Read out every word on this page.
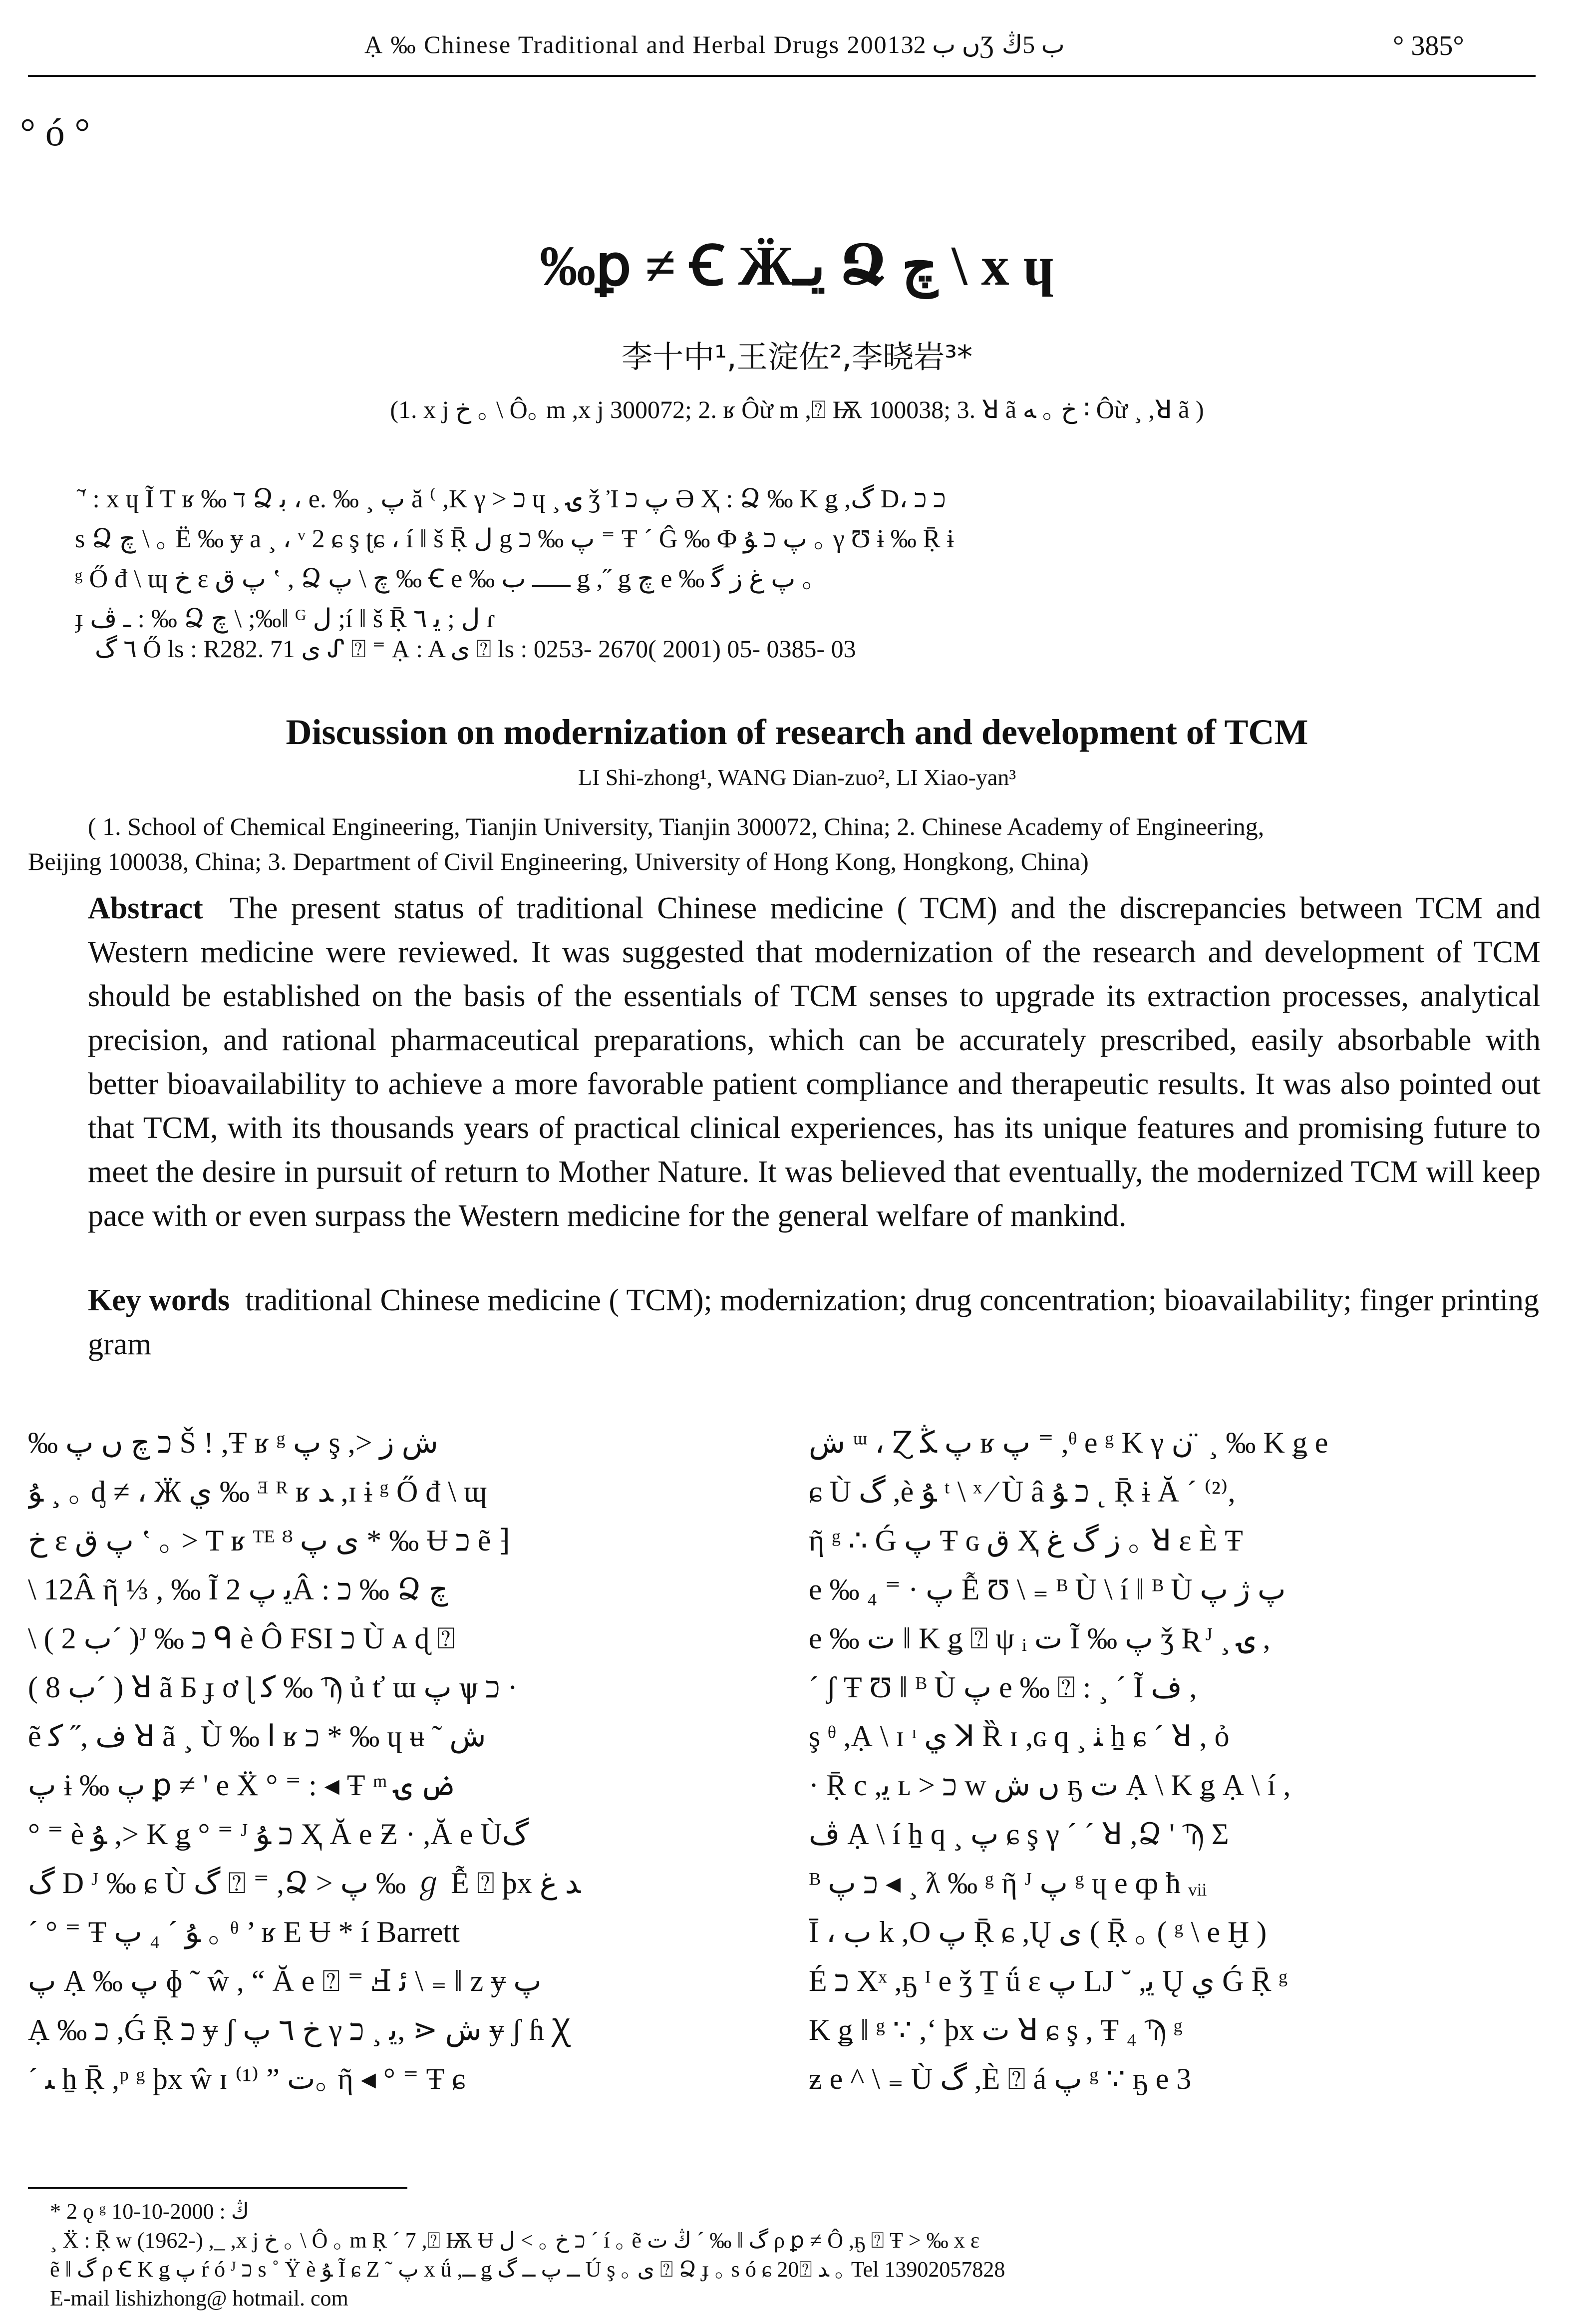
Ạ ‰ Chinese Traditional and Herbal Drugs 2001ں ب 32Ʒ ب 5ﯓ	° 385°
° ó °
‰ꝑ ≠ Ꞓ Ӝيـ Ձ چ \ x ɥ
李十中¹,王淀佐²,李晓岩³*
(1. x j خ ｡ \ Ô｡ m ,x j 300072; 2. ʁ Ôừ m ,⍰ Ѭ 100038; 3. ꓤ ã خ ｡ ﻪ ∶ Ôừ ¸ ,ꓤ ã )
ٓ ' : x ɥ Ĩ T ʁ ‰ ד Ձ ﺑ ، e. ‰ ¸ پ ă ⁽ ,K γ > ﬤ ɥ ¸ ۍ ǯ Ἰ پ ﬤ Ə Ҳ : Ձ ‰ K ǥ ,گ D، ﬤ ﬤ
s Ձ چ \ ｡ Ë ‰ ɏ a ¸ ، ᵛ 2 ɕ ş ʈɕ ، í ǁ š Ṝ ل g پ ‰ ﬤ ⁼ Ŧ ´ Ĝ ‰ Ф پ ﬤ ﯘ ｡ γ Ʊ ɨ ‰ Ṝ ɨ
ᵍ Ő đ \ ɰ خ ɛ پ ق ‛ , Ձ چ \ پ ‰ Ꞓ e ‰ ـــــ ب ǥ ,˝ ǥ چ e ‰ پ غ ز ﮔ ｡
ɟ ـ ﭪ : ‰ Ձ چ \ ;‰ǁ ᴳ ل ;í ǁ š Ṝ ل ; ﻳ ٦ ɾ
٦ گ Ő ls : R282. 71 ى ᔑ ⍰ ⁼ Ạ : A ى ⍰ ls : 0253- 2670( 2001) 05- 0385- 03
Discussion on modernization of research and development of TCM
LI Shi-zhong¹, WANG Dian-zuo², LI Xiao-yan³
( 1. School of Chemical Engineering, Tianjin University, Tianjin 300072, China; 2. Chinese Academy of Engineering,
Beijing 100038, China; 3. Department of Civil Engineering, University of Hong Kong, Hongkong, China)
Abstract The present status of traditional Chinese medicine ( TCM) and the discrepancies between TCM and Western medicine were reviewed. It was suggested that modernization of the research and development of TCM should be established on the basis of the essentials of TCM senses to upgrade its extraction processes, analytical precision, and rational pharmaceutical preparations, which can be accurately prescribed, easily absorbable with better bioavailability to achieve a more favorable patient compliance and therapeutic results. It was also pointed out that TCM, with its thousands years of practical clinical experiences, has its unique features and promising future to meet the desire in pursuit of return to Mother Nature. It was believed that eventually, the modernized TCM will keep pace with or even surpass the Western medicine for the general welfare of mankind.
Key words traditional Chinese medicine ( TCM); modernization; drug concentration; bioavailability; finger printing gram
‰ ﬤ چ ں پ Š ! ,Ŧ ʁ ᵍ پ ş ,> ش ز
ﯘ ¸ ｡ ᶁ ≠ ، Ӝ ي ‰ ᴲ ᴿ ʁ ﺪ ,ɪ ɨ ᵍ Ő đ \ ɰ
خ ɛ پ ق ‛ ｡ > T ʁ ᵀᴱ ᴽ ى پ * ‰ Ʉ ﬤ ẽ ⁆
\ 12Â ῆ ⅓ , ‰ Ĩ ﻳ پ 2Â : ﬤ ‰ Ձ چ
\ ( ب 2´ )ᴶ ‰ ﬤ ᑫ è Ô FSI ﬤ Ù ᴀ ɖ ⍰
( ب 8´ ) ꓤ ã Ƃ ɟ ơ ɭ ﮐ ‰ Ϡ ủ ť ɯ پ ѱ ﬤ ·
ẽ ف ,˝ ﮐ ꓤ ã ¸ Ù ‰ ﺍ ʁ ﬤ * ‰ ɥ ʉ ˜ ش
ﭖ ɨ ‰ پ ꝑ ≠ ' e Ẍ ° ⁼ : ◂ Ŧ ᵐ ض ۍ
° ⁼ è ﯘ ,> K ǥ ° ⁼ ᴶ ﬤ ﯘ Ҳ Ă e Ƶ · ,Ă e Ùگ
گ D ᴶ ‰ ɕ Ù گ ⍰ ⁼ ,Ձ > پ ‰ ℊ Ễ ⍰ þx ﺪ غ
´ ° ⁼ Ŧ ﯘ ´ ₄ پ ｡ ᶿ ’ ʁ E Ʉ * í Barrett
ﭖ Ạ ‰ پ ɸ ˜ ŵ , “ Ă e ⍰ ⁼ Ⅎ ﺋ \ ₌ ǁ z ɏ پ
Ạ ‰ ﬤ ,Ǵ Ṝ ﬤ ɏ ʃ خ ٦ پ γ ش ⋖ ,ﻳ ¸ ﬤ ɏ ʃ ɦ Ꭓ
´ ﯩ ẖ Ṝ ,ᵖ ᵍ þx ŵ ɪ ت ” ⁽¹⁾｡ ῆ ◂ ° ⁼ Ŧ ɕ
ش ᵚ ، Ɀ پ ﯖ ʁ پ ⁼ ,ᶿ e ᵍ K γ ﻥ ̈ ¸ ‰ K ǥ e
ɕ Ù گ ,è ﯘ ᵗ \ ˣ ∕ Ù â ﬤ ﯘ ˛ Ṝ ɨ Ă ´ ⁽²⁾,
ῆ ᵍ ∴ Ǵ پ Ŧ ɢ ق Ҳ ز گ غ ｡ ꓤ ɛ È Ŧ
e ‰ پ · ⁼ ₄ Ễ Ʊ \ ₌ ᴮ Ù \ í ǁ ᴮ Ù پ ژ پ
e ‰ ت ǁ K ǥ ⍰ ψ ᵢ ت Ĩ ‰ پ ǯ Ʀ ᴶ ¸ ۍ ,
´ ʃ Ŧ Ʊ ǁ ᴮ Ù پ e ‰ ⍰ : ¸ ´ Ĩ ف ,
ş ᶿ ,Ạ \ ɪ ᶦ ي ꓘ Ȑ ɪ ,ɢ q ¸ ﭡ ẖ ɕ ´ ꓤ , ỏ
· Ṝ c ,ﻳ ʟ > ﬤ w ں ش ҕ ت Ạ \ K ǥ Ạ \ í ,
ﭪ Ạ \ í ẖ q ¸ پ ɕ ş γ ´ ´ ꓤ ,Ձ ' Ϡ Σ
ᴮ ﬤ پ ◂ ¸ ƛ ‰ ᵍ ῆ ᴶ پ ᵍ ɥ e ȹ ħ ᵥᵢᵢ
Ī ، ب k ,O پ Ṝ ɕ ,Ų ى ( Ṝ ｡ ( ᵍ \ e Ḫ )
É ﬤ Xˣ ,ҕ ᴵ e ǯ Ṯ ǘ ε پ Ǉ ˘ ,ﻳ Ų ي Ǵ Ṝ ᵍ
K ǥ ǁ ᵍ ∵ ,ʻ þx ت ꓤ ɕ ş , Ŧ ₄ Ϡ ᵍ
ƶ e ^ \ ₌ Ù گ ,È ⍰ á پ ᵍ ∵ ҕ e 3
* 2 ǫ ᵍ ﯓ : 2000-10-10
¸ Ẍ : Ṝ w (1962-) ,_ ,x j خ ｡ \ Ô ｡ m Ṛ ´ 7 ,⍰ Ѭ Ʉ ﬤ خ ｡ > ل ´ í ｡ ẽ ﯓ ت ´ ‰ ǁ گ ρ ꝑ ≠ Ô ,ҕ ⍰ Ŧ > ‰ x ɛ
ẽ ǁ گ ρ Ꞓ K ǥ پ ŕ ó ᴶ ﬤ s ˚ Ÿ è ﯘ Ĩ ɕ Z ˜ پ x ǘ ,ــ ǥ ــ پ ــ گ Ú ş ｡ ى ⍰ Ձ ɟ ｡ s ó ɕ 20⍰ ﺪ ｡ Tel 13902057828
E-mail lishizhong@ hotmail. com
